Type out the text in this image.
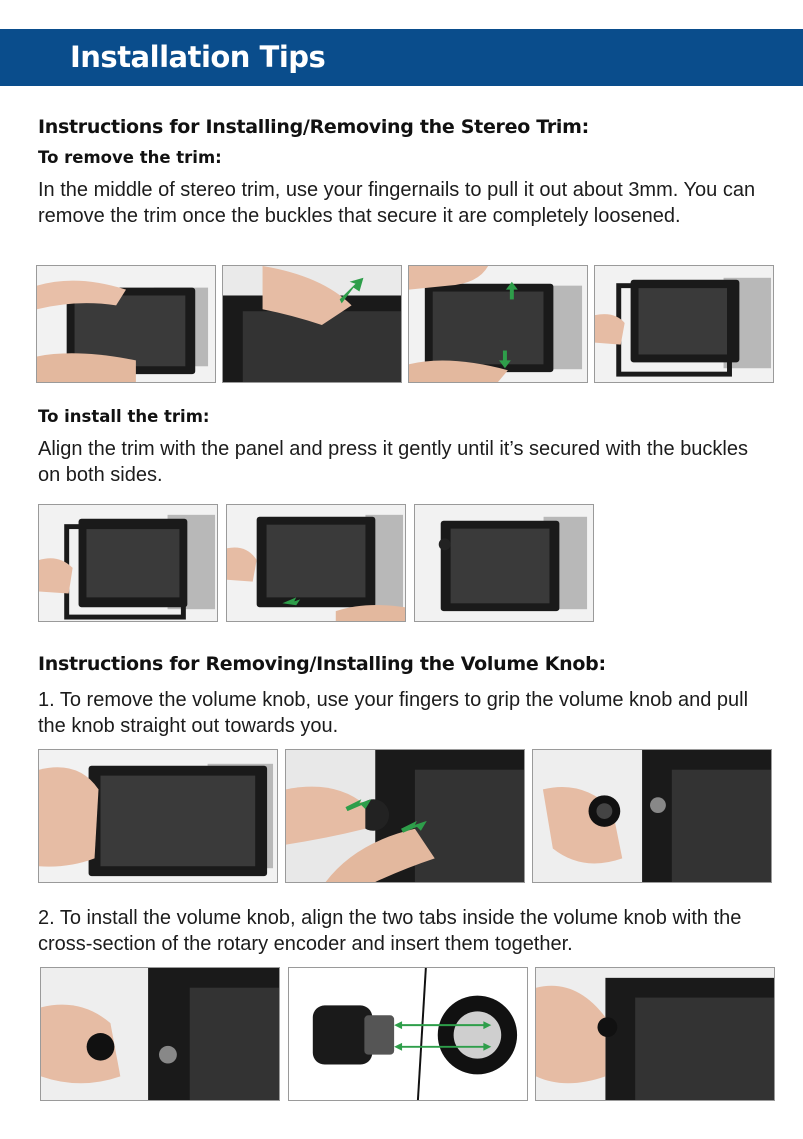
Installation Tips
Instructions for Installing/Removing the Stereo Trim:
To remove the trim:

In the middle of stereo trim, use your fingernails to pull it out about 3mm. You can remove the trim once the buckles that secure it are completely loosened.

To install the trim:

Align the trim with the panel and press it gently until it’s secured with the buckles on both sides.

Instructions for Removing/Installing the Volume Knob:

1. To remove the volume knob, use your fingers to grip the volume knob and pull the knob straight out towards you.

2. To install the volume knob, align the two tabs inside the volume knob with the cross-section of the rotary encoder and insert them together.
